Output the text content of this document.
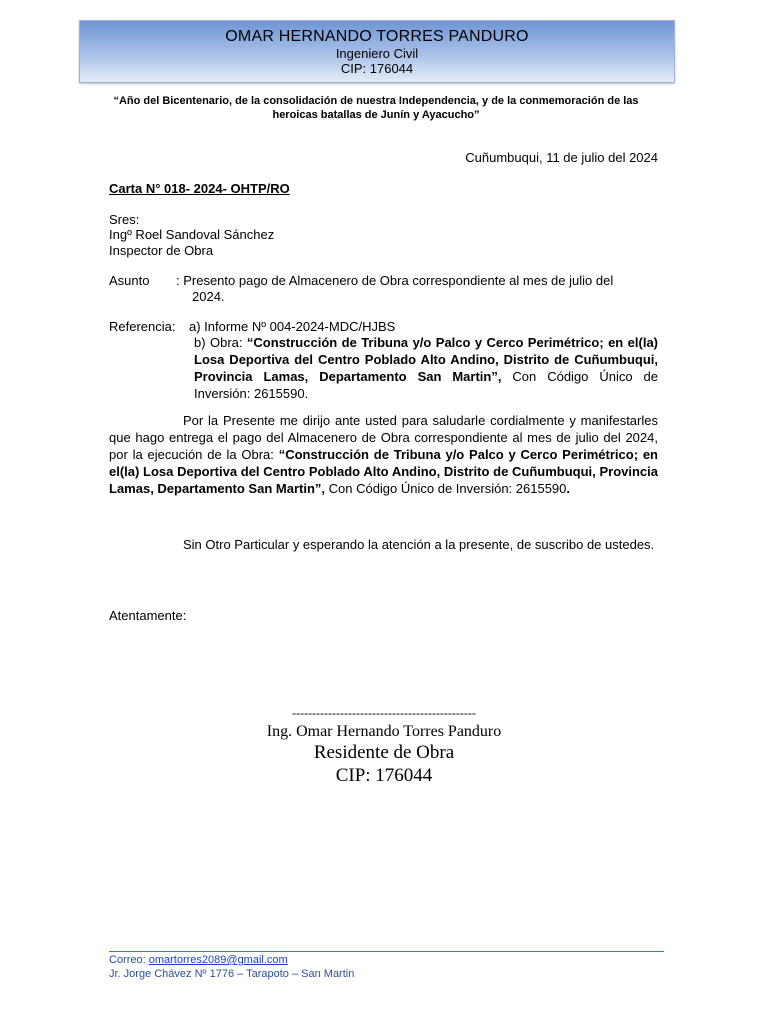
OMAR HERNANDO TORRES PANDURO
Ingeniero Civil
CIP: 176044
“Año del Bicentenario, de la consolidación de nuestra Independencia, y de la conmemoración de las heroicas batallas de Junín y Ayacucho”
Cuñumbuqui, 11 de julio del 2024
Carta N° 018- 2024- OHTP/RO
Sres:
Ingº Roel Sandoval Sánchez
Inspector de Obra
Asunto : Presento pago de Almacenero de Obra correspondiente al mes de julio del
2024.
Referencia: a) Informe Nº 004-2024-MDC/HJBS
b) Obra: “Construcción de Tribuna y/o Palco y Cerco Perimétrico; en el(la) Losa Deportiva del Centro Poblado Alto Andino, Distrito de Cuñumbuqui, Provincia Lamas, Departamento San Martin”, Con Código Único de Inversión: 2615590.
Por la Presente me dirijo ante usted para saludarle cordialmente y manifestarles que hago entrega el pago del Almacenero de Obra correspondiente al mes de julio del 2024, por la ejecución de la Obra: “Construcción de Tribuna y/o Palco y Cerco Perimétrico; en el(la) Losa Deportiva del Centro Poblado Alto Andino, Distrito de Cuñumbuqui, Provincia Lamas, Departamento San Martin”, Con Código Único de Inversión: 2615590.
Sin Otro Particular y esperando la atención a la presente, de suscribo de ustedes.
Atentamente:
----------------------------------------------
Ing. Omar Hernando Torres Panduro
Residente de Obra
CIP: 176044
Correo: omartorres2089@gmail.com
Jr. Jorge Chávez Nº 1776 – Tarapoto – San Martin
